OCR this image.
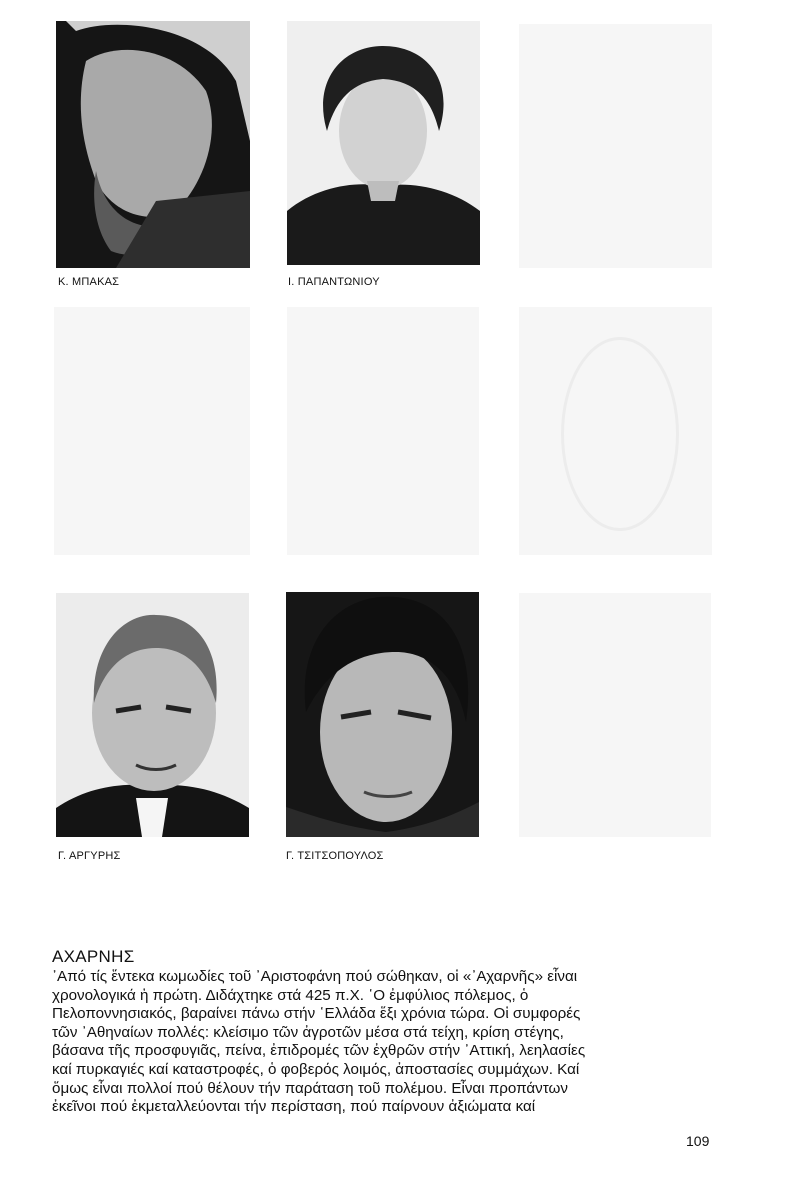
Κ. ΜΠΑΚΑΣ	Ι. ΠΑΠΑΝΤΩΝΙΟΥ
Γ. ΑΡΓΥΡΗΣ	Γ. ΤΣΙΤΣΟΠΟΥΛΟΣ
ΑΧΑΡΝΗΣ
᾿Από τίς ἕντεκα κωμωδίες τοῦ ᾿Αριστοφάνη πού σώθηκαν, οἱ «᾿Αχαρνῆς» εἶναι
χρονολογικά ἡ πρώτη. Διδάχτηκε στά 425 π.Χ. ῾Ο ἐμφύλιος πόλεμος, ὁ
Πελοποννησιακός, βαραίνει πάνω στήν ῾Ελλάδα ἕξι χρόνια τώρα. Οἱ συμφορές
τῶν ᾿Αθηναίων πολλές: κλείσιμο τῶν ἀγροτῶν μέσα στά τείχη, κρίση στέγης,
βάσανα τῆς προσφυγιᾶς, πείνα, ἐπιδρομές τῶν ἐχθρῶν στήν ᾿Αττική, λεηλασίες
καί πυρκαγιές καί καταστροφές, ὁ φοβερός λοιμός, ἀποστασίες συμμάχων. Καί
ὅμως εἶναι πολλοί πού θέλουν τήν παράταση τοῦ πολέμου. Εἶναι προπάντων
ἐκεῖνοι πού ἐκμεταλλεύονται τήν περίσταση, πού παίρνουν ἀξιώματα καί
109
